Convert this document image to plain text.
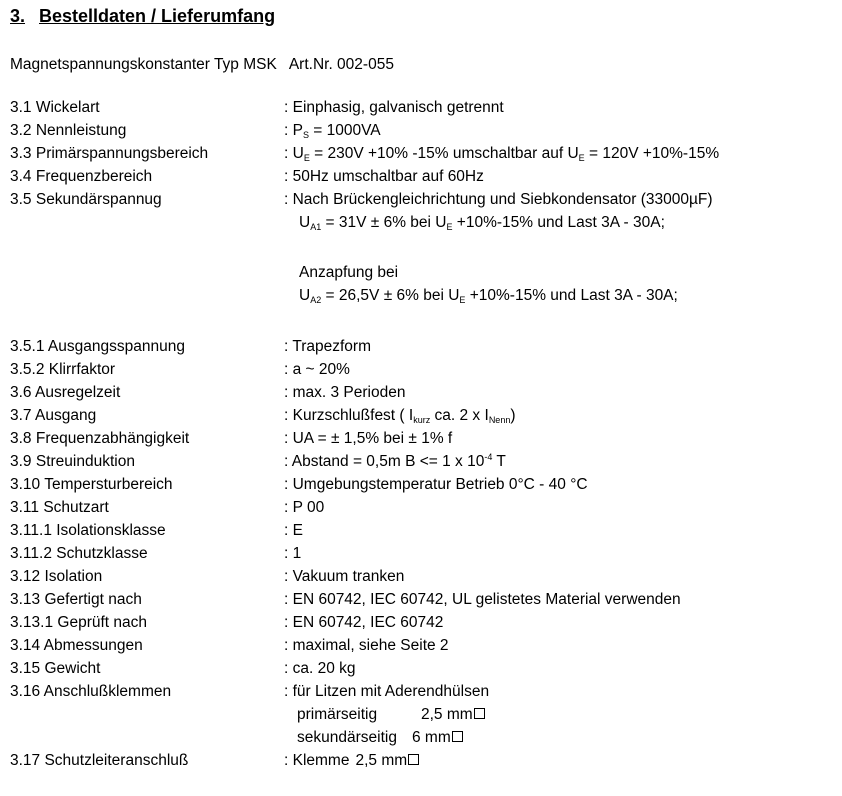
3. Bestelldaten / Lieferumfang
Magnetspannungskonstanter Typ MSK Art.Nr. 002-055
3.1 Wickelart	: Einphasig, galvanisch getrennt
3.2 Nennleistung	: $P_S = 1000VA$
3.3 Primärspannungsbereich	: $U_E = 230V +10\%$ -15% umschaltbar auf $U_E = 120V +10\%-15\%$
3.4 Frequenzbereich	: 50Hz umschaltbar auf 60Hz
3.5 Sekundärspannug	: Nach Brückengleichrichtung und Siebkondensator (33000µF)
$U_{A1} = 31V \pm 6\%$ bei $U_E +10\%-15\%$ und Last 3A - 30A;
Anzapfung bei
$U_{A2} = 26,5V \pm 6\%$ bei $U_E +10\%-15\%$ und Last 3A - 30A;
3.5.1 Ausgangsspannung	: Trapezform
3.5.2 Klirrfaktor	: a ~ 20%
3.6 Ausregelzeit	: max. 3 Perioden
3.7 Ausgang	: Kurzschlußfest ( $I_{kurz}$ ca. 2 x $I_{Nenn}$)
3.8 Frequenzabhängigkeit	: UA = ± 1,5% bei ± 1% f
3.9 Streuinduktion	: Abstand = 0,5m B <= 1 x $10^{-4}$ T
3.10 Tempersturbereich	: Umgebungstemperatur Betrieb 0°C - 40 °C
3.11 Schutzart	: P 00
3.11.1 Isolationsklasse	: E
3.11.2 Schutzklasse	: 1
3.12 Isolation	: Vakuum tranken
3.13 Gefertigt nach	: EN 60742, IEC 60742, UL gelistetes Material verwenden
3.13.1 Geprüft nach	: EN 60742, IEC 60742
3.14 Abmessungen	: maximal, siehe Seite 2
3.15 Gewicht	: ca. 20 kg
3.16 Anschlußklemmen	: für Litzen mit Aderendhülsen
primärseitig	2,5 mm
sekundärseitig 6 mm
3.17 Schutzleiteranschluß	: Klemme 2,5 mm
